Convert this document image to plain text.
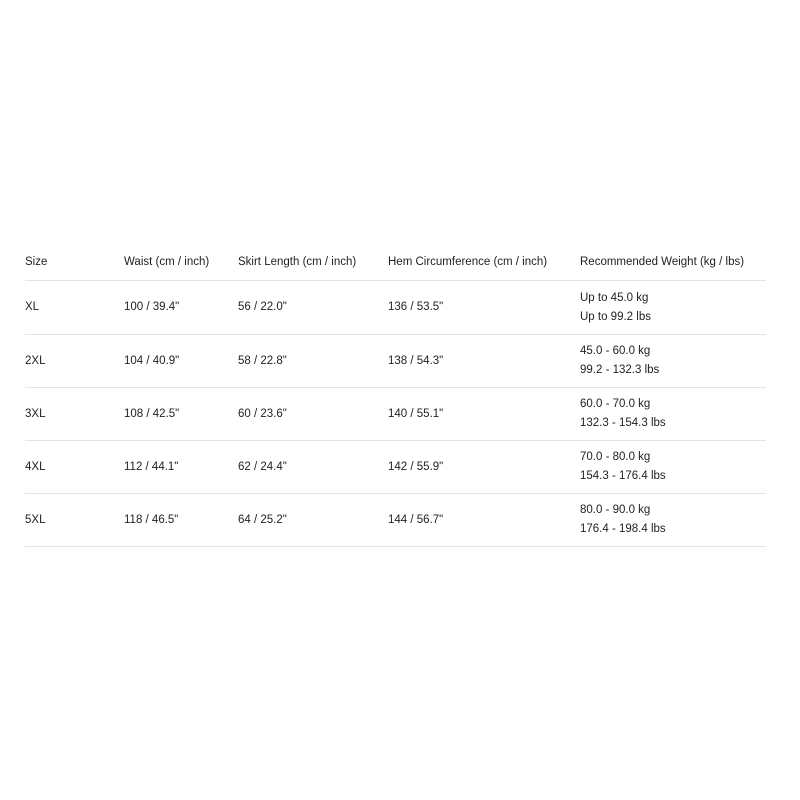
Size	Waist (cm / inch)	Skirt Length (cm / inch)	Hem Circumference (cm / inch)	Recommended Weight (kg / lbs)
XL	100 / 39.4"	56 / 22.0"	136 / 53.5"	Up to 45.0 kg
Up to 99.2 lbs

2XL	104 / 40.9"	58 / 22.8"	138 / 54.3"	45.0 - 60.0 kg
99.2 - 132.3 lbs

3XL	108 / 42.5"	60 / 23.6"	140 / 55.1"	60.0 - 70.0 kg
132.3 - 154.3 lbs

4XL	112 / 44.1"	62 / 24.4"	142 / 55.9"	70.0 - 80.0 kg
154.3 - 176.4 lbs

5XL	118 / 46.5"	64 / 25.2"	144 / 56.7"	80.0 - 90.0 kg
176.4 - 198.4 lbs
